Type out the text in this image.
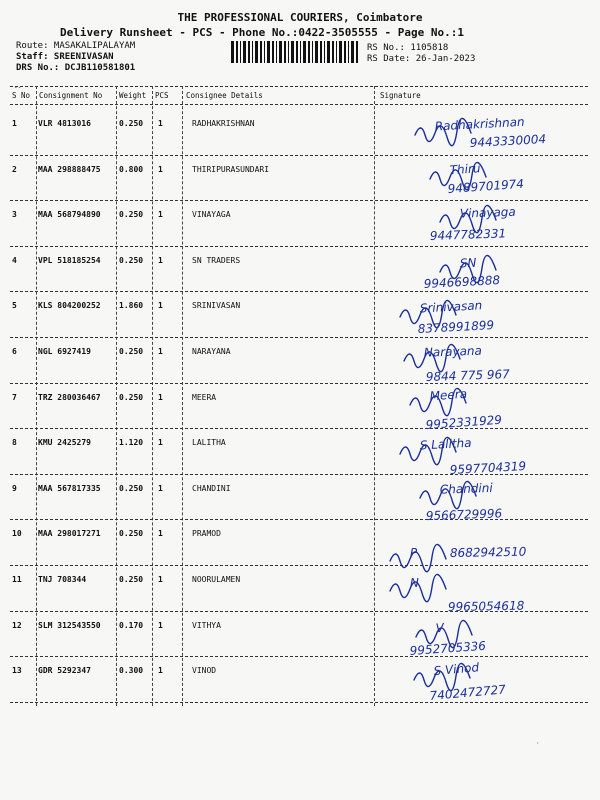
THE PROFESSIONAL COURIERS, Coimbatore
Delivery Runsheet - PCS - Phone No.:0422-3505555 - Page No.:1
Route: MASAKALIPALAYAM
Staff: SREENIVASAN
DRS No.: DCJB110581801
RS No.: 1105818
RS Date: 26-Jan-2023
--
S No Consignment No Weight PCS Consignee Details	Signature
1	VLR 4813016	0.250 1	RADHAKRISHNAN	Radhakrishnan
9443330004
2	MAA 298888475 0.800 1	THIRIPURASUNDARI	Thiru
9489701974
3	MAA 568794890 0.250 1	VINAYAGA	Vinayaga
9447782331
4	VPL 518185254 0.250 1	SN TRADERS	SN
9946698888
5	KLS 804200252 1.860 1	SRINIVASAN	Srinivasan
8378991899
6	NGL 6927419	0.250 1	NARAYANA	Narayana
9844 775 967
7	TRZ 280036467 0.250 1	MEERA	Meera
9952331929
8	KMU 2425279	1.120 1	LALITHA	S.Lalitha
9597704319
9	MAA 567817335 0.250 1	CHANDINI	Chandini
9566729996
10 MAA 298017271 0.250 1	PRAMOD
P	8682942510
11 TNJ 708344	0.250 1	NOORULAMEN	N
9965054618
12 SLM 312543550 0.170 1	VITHYA	V
9952705336
13 GDR 5292347	0.300 1	VINOD	S.Vinod
7402472727
·
